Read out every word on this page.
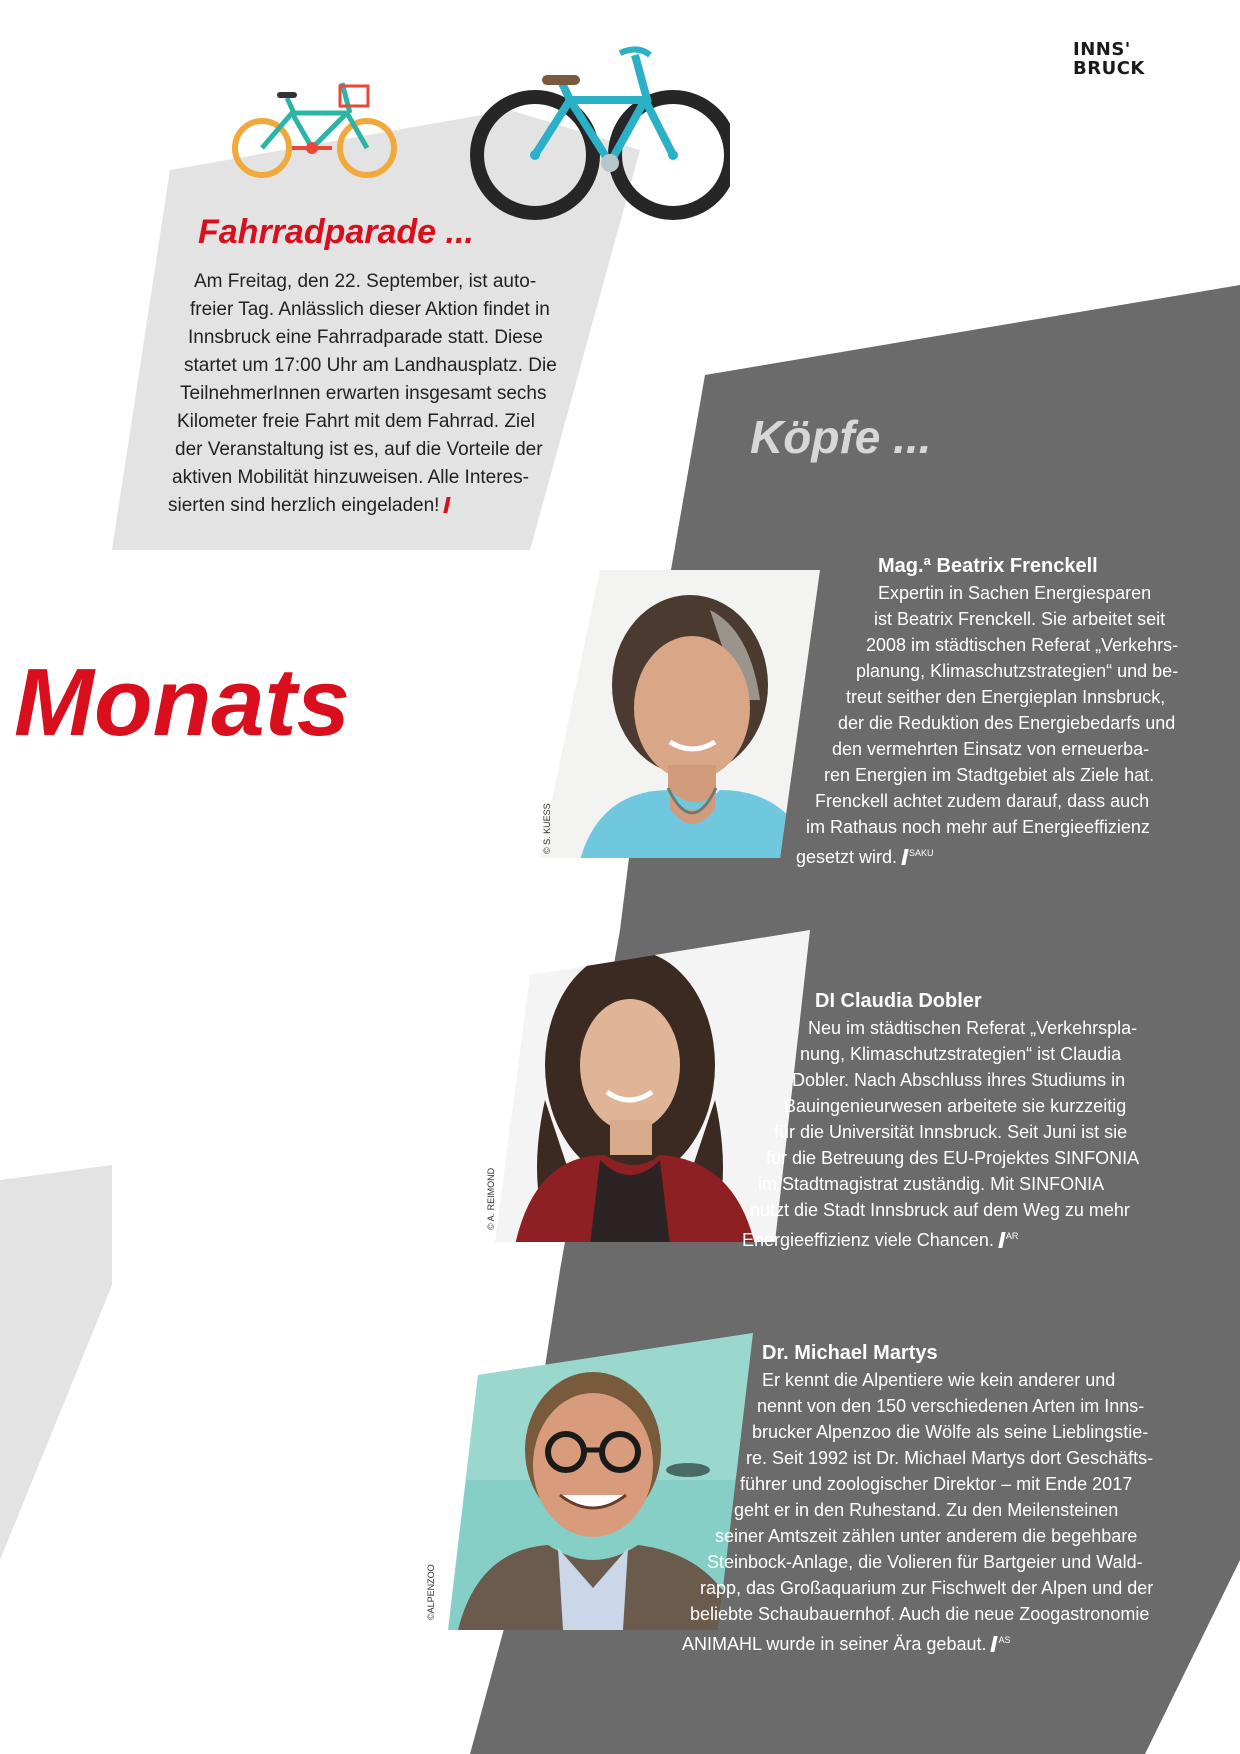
INNS'
BRUCK
Fahrradparade ...
Am Freitag, den 22. September, ist auto-
freier Tag. Anlässlich dieser Aktion findet in
Innsbruck eine Fahrradparade statt. Diese
startet um 17:00 Uhr am Landhausplatz. Die
TeilnehmerInnen erwarten insgesamt sechs
Kilometer freie Fahrt mit dem Fahrrad. Ziel
der Veranstaltung ist es, auf die Vorteile der
aktiven Mobilität hinzuweisen. Alle Interes-
sierten sind herzlich eingeladen!
Monats
Köpfe ...
© S. KUESS
© A. REIMOND
©ALPENZOO
Mag.ª Beatrix Frenckell
Expertin in Sachen Energiesparen
ist Beatrix Frenckell. Sie arbeitet seit
2008 im städtischen Referat „Verkehrs-
planung, Klimaschutzstrategien“ und be-
treut seither den Energieplan Innsbruck,
der die Reduktion des Energiebedarfs und
den vermehrten Einsatz von erneuerba-
ren Energien im Stadtgebiet als Ziele hat.
Frenckell achtet zudem darauf, dass auch
im Rathaus noch mehr auf Energieeffizienz
gesetzt wird. $^{SAKU}$
DI Claudia Dobler
Neu im städtischen Referat „Verkehrspla-
nung, Klimaschutzstrategien“ ist Claudia
Dobler. Nach Abschluss ihres Studiums in
Bauingenieurwesen arbeitete sie kurzzeitig
für die Universität Innsbruck. Seit Juni ist sie
für die Betreuung des EU-Projektes SINFONIA
im Stadtmagistrat zuständig. Mit SINFONIA
nutzt die Stadt Innsbruck auf dem Weg zu mehr
Energieeffizienz viele Chancen. $^{AR}$
Dr. Michael Martys
Er kennt die Alpentiere wie kein anderer und
nennt von den 150 verschiedenen Arten im Inns-
brucker Alpenzoo die Wölfe als seine Lieblingstie-
re. Seit 1992 ist Dr. Michael Martys dort Geschäfts-
führer und zoologischer Direktor – mit Ende 2017
geht er in den Ruhestand. Zu den Meilensteinen
seiner Amtszeit zählen unter anderem die begehbare
Steinbock-Anlage, die Volieren für Bartgeier und Wald-
rapp, das Großaquarium zur Fischwelt der Alpen und der
beliebte Schaubauernhof. Auch die neue Zoogastronomie
ANIMAHL wurde in seiner Ära gebaut. $^{AS}$
